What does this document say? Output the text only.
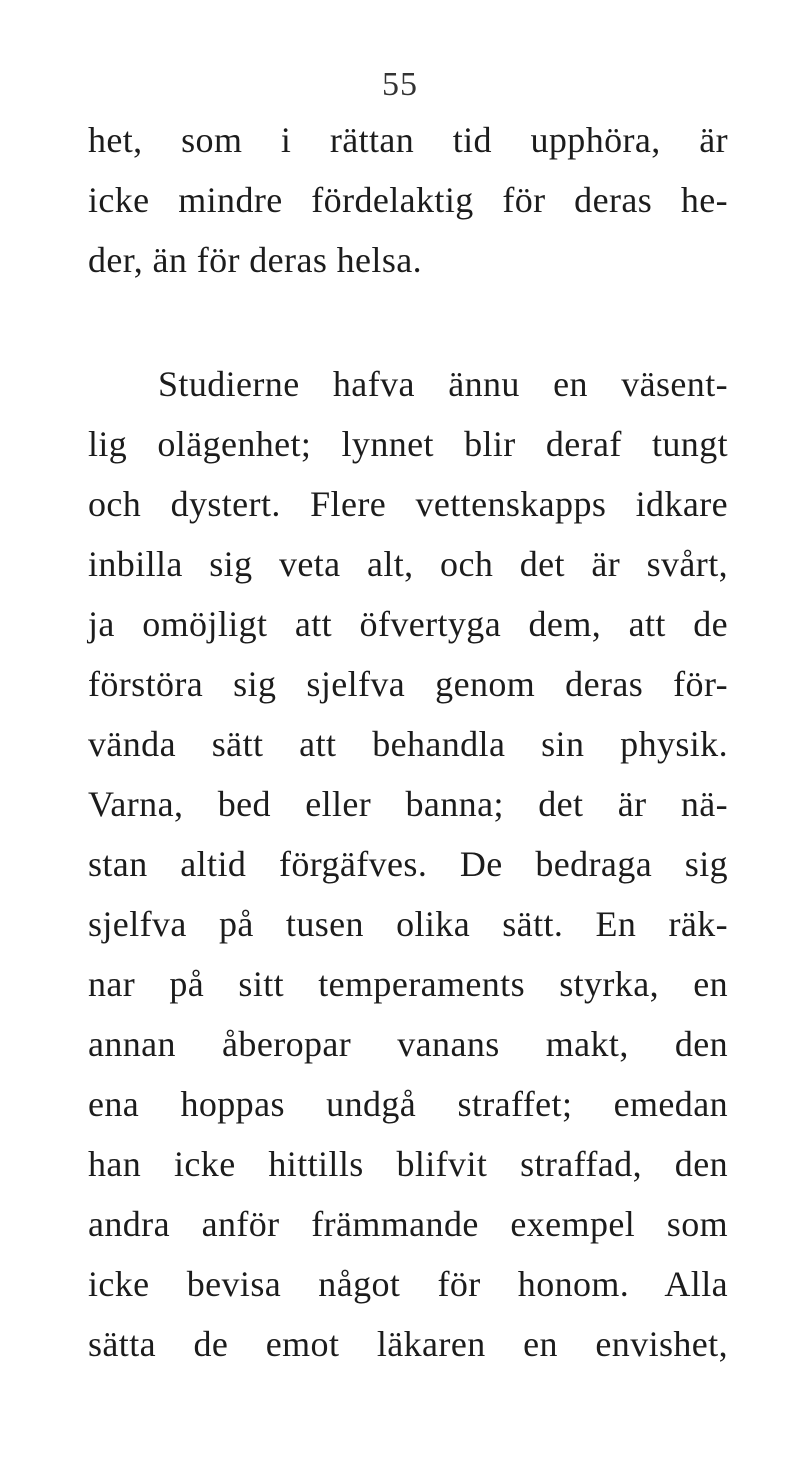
55
het, som i rättan tid upphöra, är
icke mindre fördelaktig för deras he-
der, än för deras helsa.
Studierne hafva ännu en väsent-
lig olägenhet; lynnet blir deraf tungt
och dystert. Flere vettenskapps idkare
inbilla sig veta alt, och det är svårt,
ja omöjligt att öfvertyga dem, att de
förstöra sig sjelfva genom deras för-
vända sätt att behandla sin physik.
Varna, bed eller banna; det är nä-
stan altid förgäfves. De bedraga sig
sjelfva på tusen olika sätt. En räk-
nar på sitt temperaments styrka, en
annan åberopar vanans makt, den
ena hoppas undgå straffet; emedan
han icke hittills blifvit straffad, den
andra anför främmande exempel som
icke bevisa något för honom. Alla
sätta de emot läkaren en envishet,
